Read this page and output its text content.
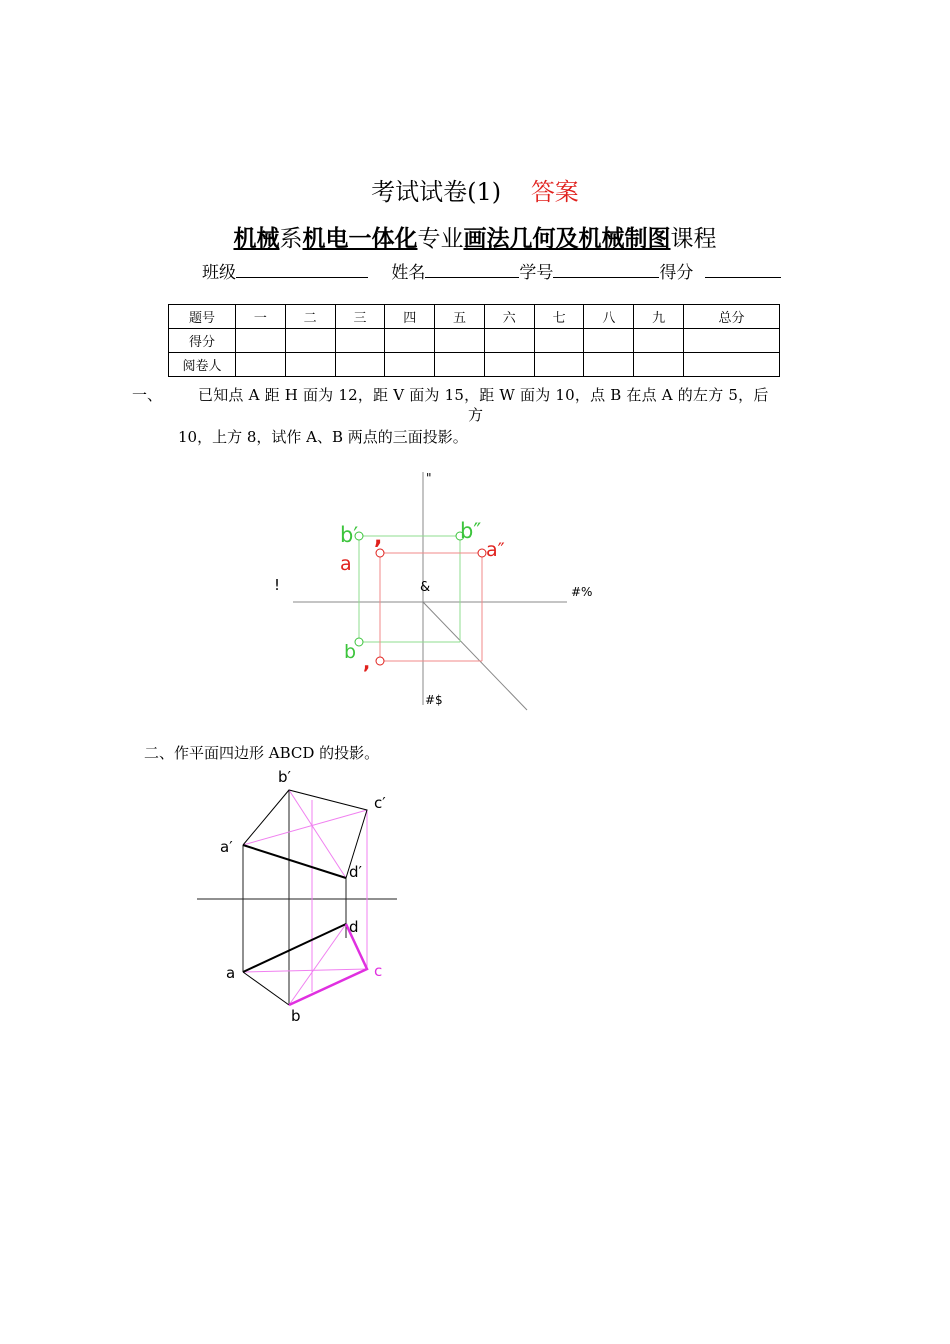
考试试卷(1) 答案
机械系机电一体化专业画法几何及机械制图课程
班级	姓名	学号	得分
题号	一	二	三	四	五	六	七	八	九	总分
得分										
阅卷人										
一、 已知点 A 距 H 面为 12，距 V 面为 15，距 W 面为 10，点 B 在点 A 的左方 5，后
方
10，上方 8，试作 A、B 两点的三面投影。
"
!	&	#%
#$
b′	b″
a
,	a″
b ,
二、作平面四边形 ABCD 的投影。
b′
c′
a′
d′
d
a	c
b
